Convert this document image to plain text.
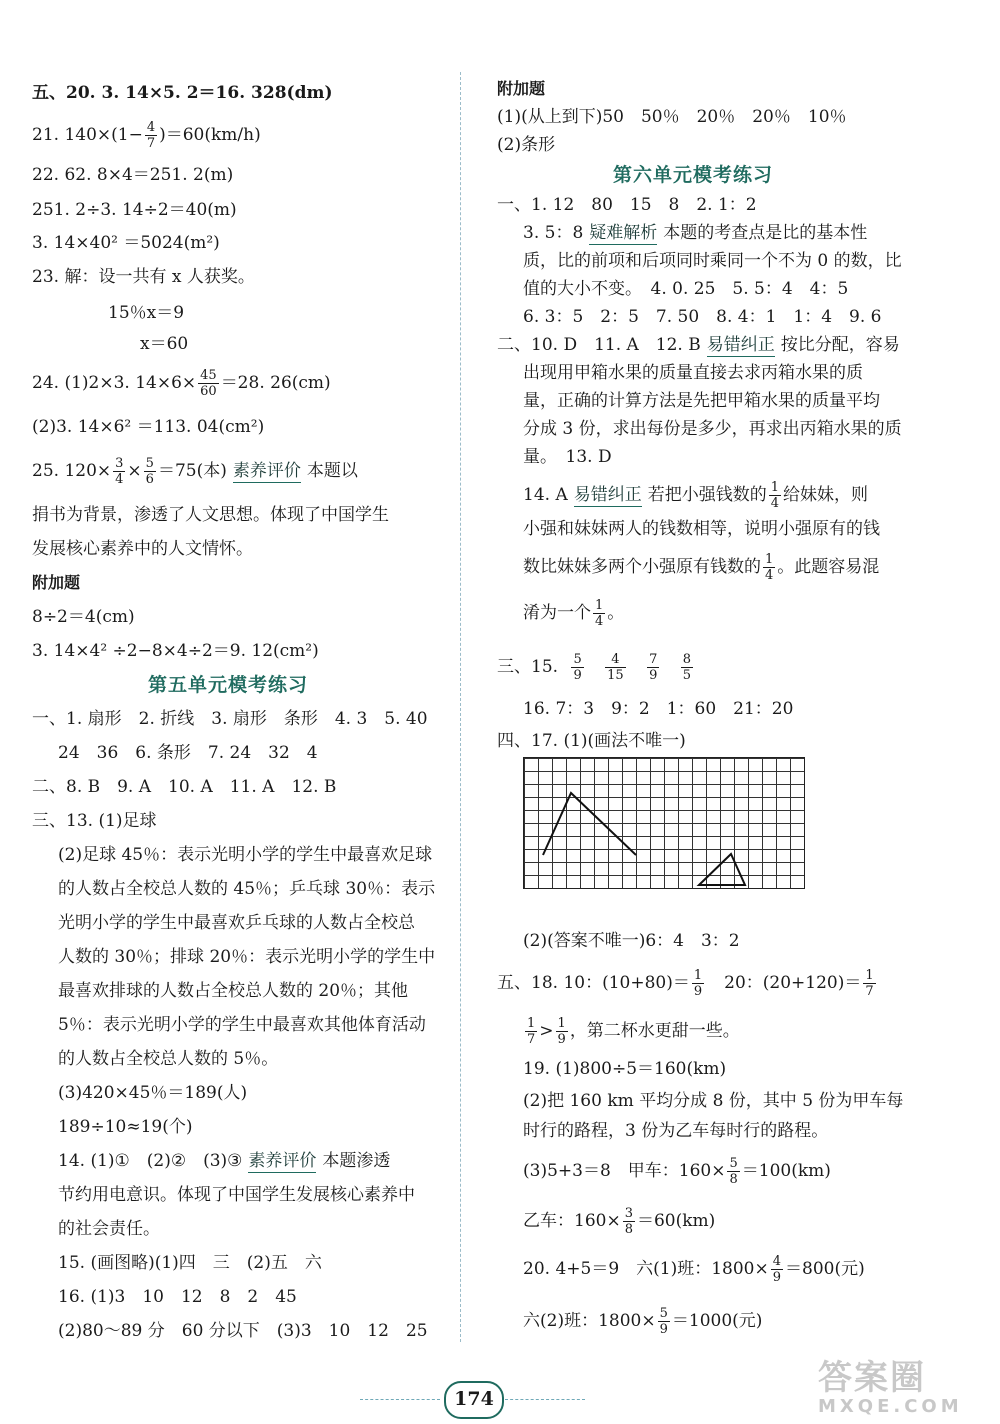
五、20. 3. 14×5. 2＝16. 328(dm)
21. $140\times(1- \frac{4}{7} )=60(km/h)$
22. 62. 8×4＝251. 2(m)
251. 2÷3. 14÷2＝40(m)
3. 14×40² ＝5024(m²)
23. 解：设一共有 x 人获奖。
15％x＝9
x＝60
24. (1)2×3. $14\times 6\times \frac{45}{60} =28$. 26(cm)
(2)3. 14×6² ＝113. 04(cm²)
25. $120\times \frac{3}{4} \times \frac{5}{6} =75$(本) 素养评价 本题以
捐书为背景，渗透了人文思想。体现了中国学生
发展核心素养中的人文情怀。
附加题
8÷2＝4(cm)
3. 14×4² ÷2−8×4÷2＝9. 12(cm²)
第五单元模考练习
一、1. 扇形　2. 折线　3. 扇形　条形　4. 3　5. 40
24　36　6. 条形　7. 24　32　4
二、8. B　9. A　10. A　11. A　12. B
三、13. (1)足球
(2)足球 45％：表示光明小学的学生中最喜欢足球
的人数占全校总人数的 45％；乒乓球 30％：表示
光明小学的学生中最喜欢乒乓球的人数占全校总
人数的 30％；排球 20％：表示光明小学的学生中
最喜欢排球的人数占全校总人数的 20％；其他
5％：表示光明小学的学生中最喜欢其他体育活动
的人数占全校总人数的 5％。
(3)420×45％＝189(人)
189÷10≈19(个)
14. (1)①　(2)②　(3)③ 素养评价 本题渗透
节约用电意识。体现了中国学生发展核心素养中
的社会责任。
15. (画图略)(1)四　三　(2)五　六
16. (1)3　10　12　8　2　45
(2)80～89 分　60 分以下　(3)3　10　12　25
附加题
(1)(从上到下)50　50％　20％　20％　10％
(2)条形
第六单元模考练习
一、1. 12　80　15　8　2. 1：2
3. 5：8 疑难解析 本题的考查点是比的基本性
质，比的前项和后项同时乘同一个不为 0 的数，比
值的大小不变。　4. 0. 25　5. 5：4　4：5
6. 3：5　2：5　7. 50　8. 4：1　1：4　9. 6
二、10. D　11. A　12. B 易错纠正 按比分配，容易
出现用甲箱水果的质量直接去求丙箱水果的质
量，正确的计算方法是先把甲箱水果的质量平均
分成 3 份，求出每份是多少，再求出丙箱水果的质
量。　13. D
14. A 易错纠正 若把小强钱数的 $\frac{1}{4}$ 给妹妹，则
小强和妹妹两人的钱数相等，说明小强原有的钱
数比妹妹多两个小强原有钱数的 $\frac{1}{4}$ 。此题容易混
淆为一个 $\frac{1}{4}$ 。
三、15. $\frac{5}{9}$
$\frac{4}{15}$
$\frac{7}{9}$
$\frac{8}{5}$
16. 7：3　9：2　1：60　21：20
四、17. (1)(画法不唯一)
(2)(答案不唯一)6：4　3：2
五、18. 10：$(10+80)= \frac{1}{9} 20$：$(20+120)= \frac{1}{7}$
$\frac{1}{7} > \frac{1}{9}$ ，第二杯水更甜一些。
19. (1)800÷5＝160(km)
(2)把 160 km 平均分成 8 份，其中 5 份为甲车每
时行的路程，3 份为乙车每时行的路程。
(3)5+3＝8　甲车：$160\times \frac{5}{8} =100(km)$
乙车：$160\times \frac{3}{8} =60(km)$
20. 4+5＝9　六(1)班：$1800\times \frac{4}{9} =800$(元)
六(2)班：$1800\times \frac{5}{9} =1000$(元)
174
答案圈
MXQE.COM
